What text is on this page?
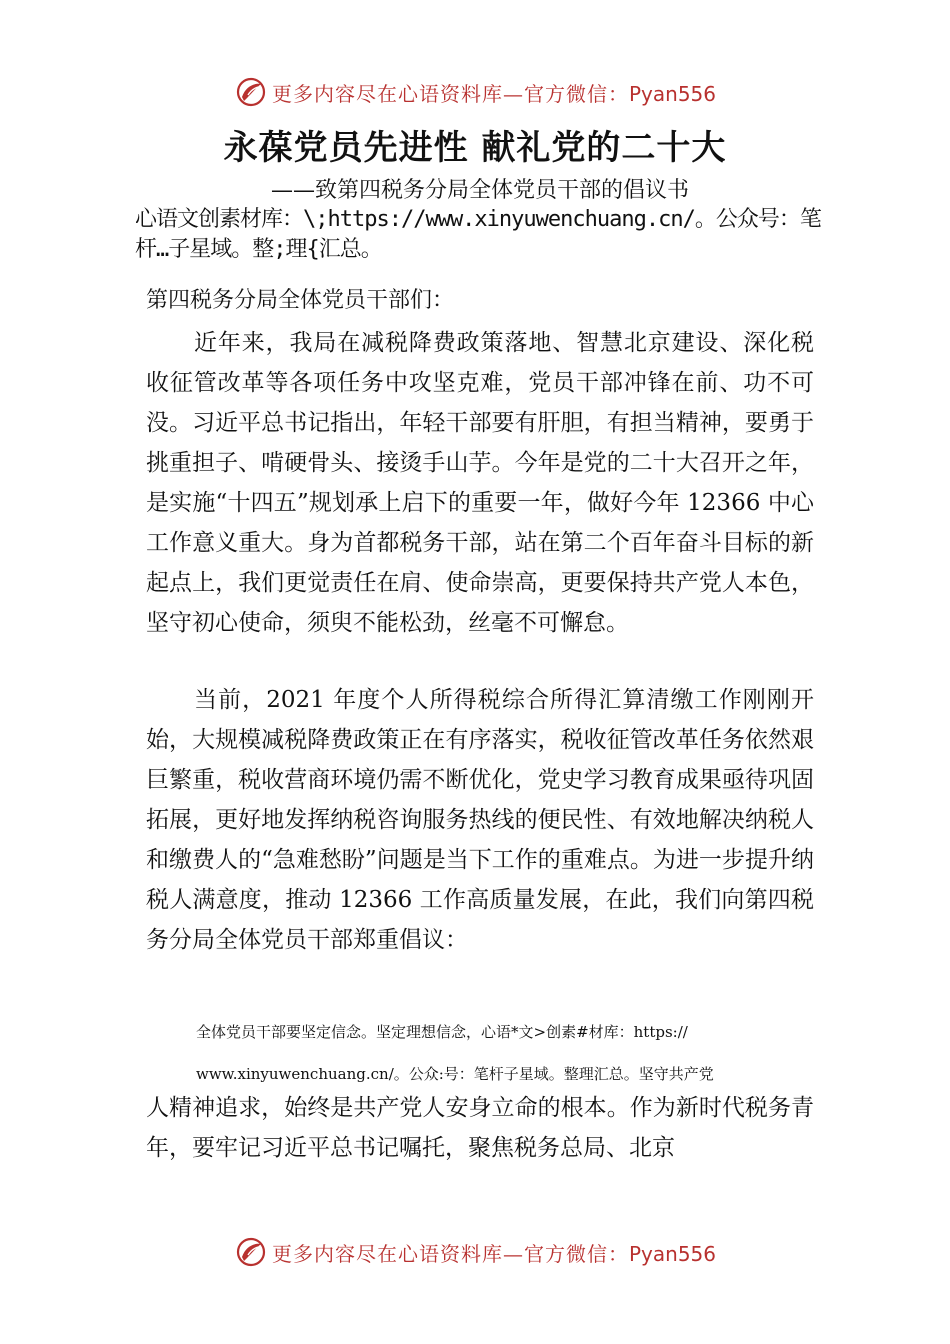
更多内容尽在心语资料库—官方微信：Pyan556
永葆党员先进性 献礼党的二十大

——致第四税务分局全体党员干部的倡议书

心语文创素材库：\;https://www.xinyuwenchuang.cn/。公众号：笔杆…子星域。整;理{汇总。

第四税务分局全体党员干部们：

近年来，我局在减税降费政策落地、智慧北京建设、深化税收征管改革等各项任务中攻坚克难，党员干部冲锋在前、功不可没。习近平总书记指出，年轻干部要有肝胆，有担当精神，要勇于挑重担子、啃硬骨头、接烫手山芋。今年是党的二十大召开之年，是实施“十四五”规划承上启下的重要一年，做好今年 12366 中心工作意义重大。身为首都税务干部，站在第二个百年奋斗目标的新起点上，我们更觉责任在肩、使命崇高，更要保持共产党人本色，坚守初心使命，须臾不能松劲，丝毫不可懈怠。

当前，2021 年度个人所得税综合所得汇算清缴工作刚刚开始，大规模减税降费政策正在有序落实，税收征管改革任务依然艰巨繁重，税收营商环境仍需不断优化，党史学习教育成果亟待巩固拓展，更好地发挥纳税咨询服务热线的便民性、有效地解决纳税人和缴费人的“急难愁盼”问题是当下工作的重难点。为进一步提升纳税人满意度，推动 12366 工作高质量发展，在此，我们向第四税务分局全体党员干部郑重倡议：

全体党员干部要坚定信念。坚定理想信念，心语*文>创素#材库：https://

www.xinyuwenchuang.cn/。公众:号：笔杆子星域。整理汇总。坚守共产党

人精神追求，始终是共产党人安身立命的根本。作为新时代税务青年，要牢记习近平总书记嘱托，聚焦税务总局、北京

更多内容尽在心语资料库—官方微信：Pyan556
